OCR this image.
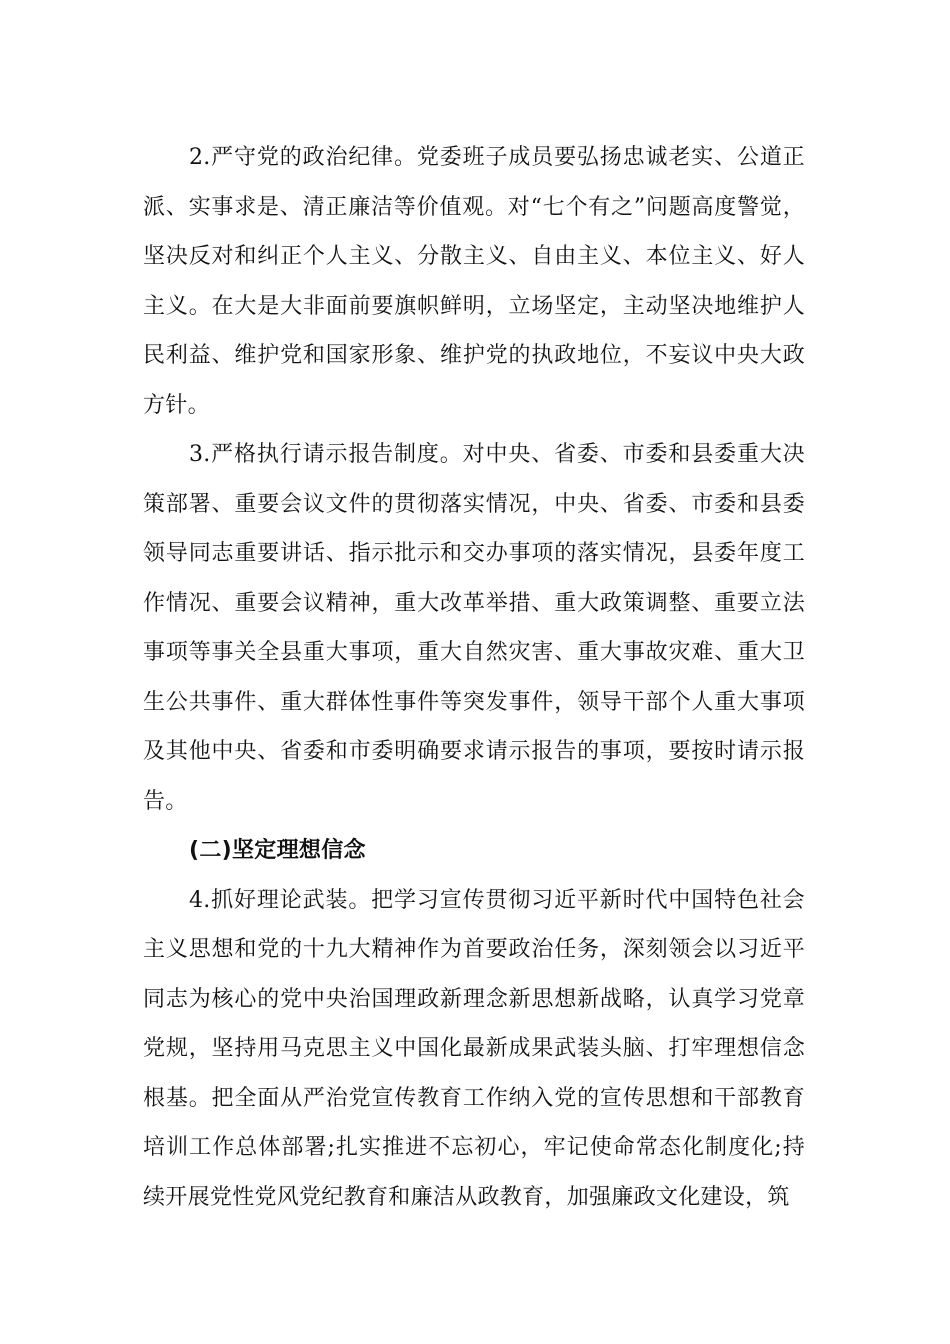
2.严守党的政治纪律。党委班子成员要弘扬忠诚老实、公道正派、实事求是、清正廉洁等价值观。对“七个有之”问题高度警觉，坚决反对和纠正个人主义、分散主义、自由主义、本位主义、好人主义。在大是大非面前要旗帜鲜明，立场坚定，主动坚决地维护人民利益、维护党和国家形象、维护党的执政地位，不妄议中央大政方针。

3.严格执行请示报告制度。对中央、省委、市委和县委重大决策部署、重要会议文件的贯彻落实情况，中央、省委、市委和县委领导同志重要讲话、指示批示和交办事项的落实情况，县委年度工作情况、重要会议精神，重大改革举措、重大政策调整、重要立法事项等事关全县重大事项，重大自然灾害、重大事故灾难、重大卫生公共事件、重大群体性事件等突发事件，领导干部个人重大事项及其他中央、省委和市委明确要求请示报告的事项，要按时请示报告。

(二)坚定理想信念

4.抓好理论武装。把学习宣传贯彻习近平新时代中国特色社会主义思想和党的十九大精神作为首要政治任务，深刻领会以习近平同志为核心的党中央治国理政新理念新思想新战略，认真学习党章党规，坚持用马克思主义中国化最新成果武装头脑、打牢理想信念根基。把全面从严治党宣传教育工作纳入党的宣传思想和干部教育培训工作总体部署;扎实推进不忘初心，牢记使命常态化制度化;持续开展党性党风党纪教育和廉洁从政教育，加强廉政文化建设，筑
